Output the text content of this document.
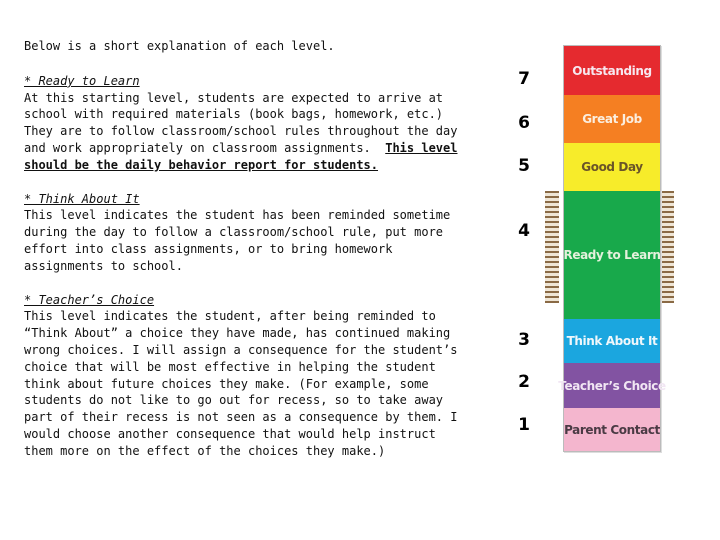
Below is a short explanation of each level.

* Ready to Learn

At this starting level, students are expected to arrive at school with required materials (book bags, homework, etc.) They are to follow classroom/school rules throughout the day and work appropriately on classroom assignments. This level should be the daily behavior report for students.

* Think About It

This level indicates the student has been reminded sometime during the day to follow a classroom/school rule, put more effort into class assignments, or to bring homework assignments to school.

* Teacher’s Choice

This level indicates the student, after being reminded to “Think About” a choice they have made, has continued making wrong choices. I will assign a consequence for the student’s choice that will be most effective in helping the student think about future choices they make. (For example, some students do not like to go out for recess, so to take away part of their recess is not seen as a consequence by them. I would choose another consequence that would help instruct them more on the effect of the choices they make.)

7
6
5
4
3
2
1
Outstanding
Great Job
Good Day
Ready to Learn
Think About It
Teacher’s Choice
Parent Contact
